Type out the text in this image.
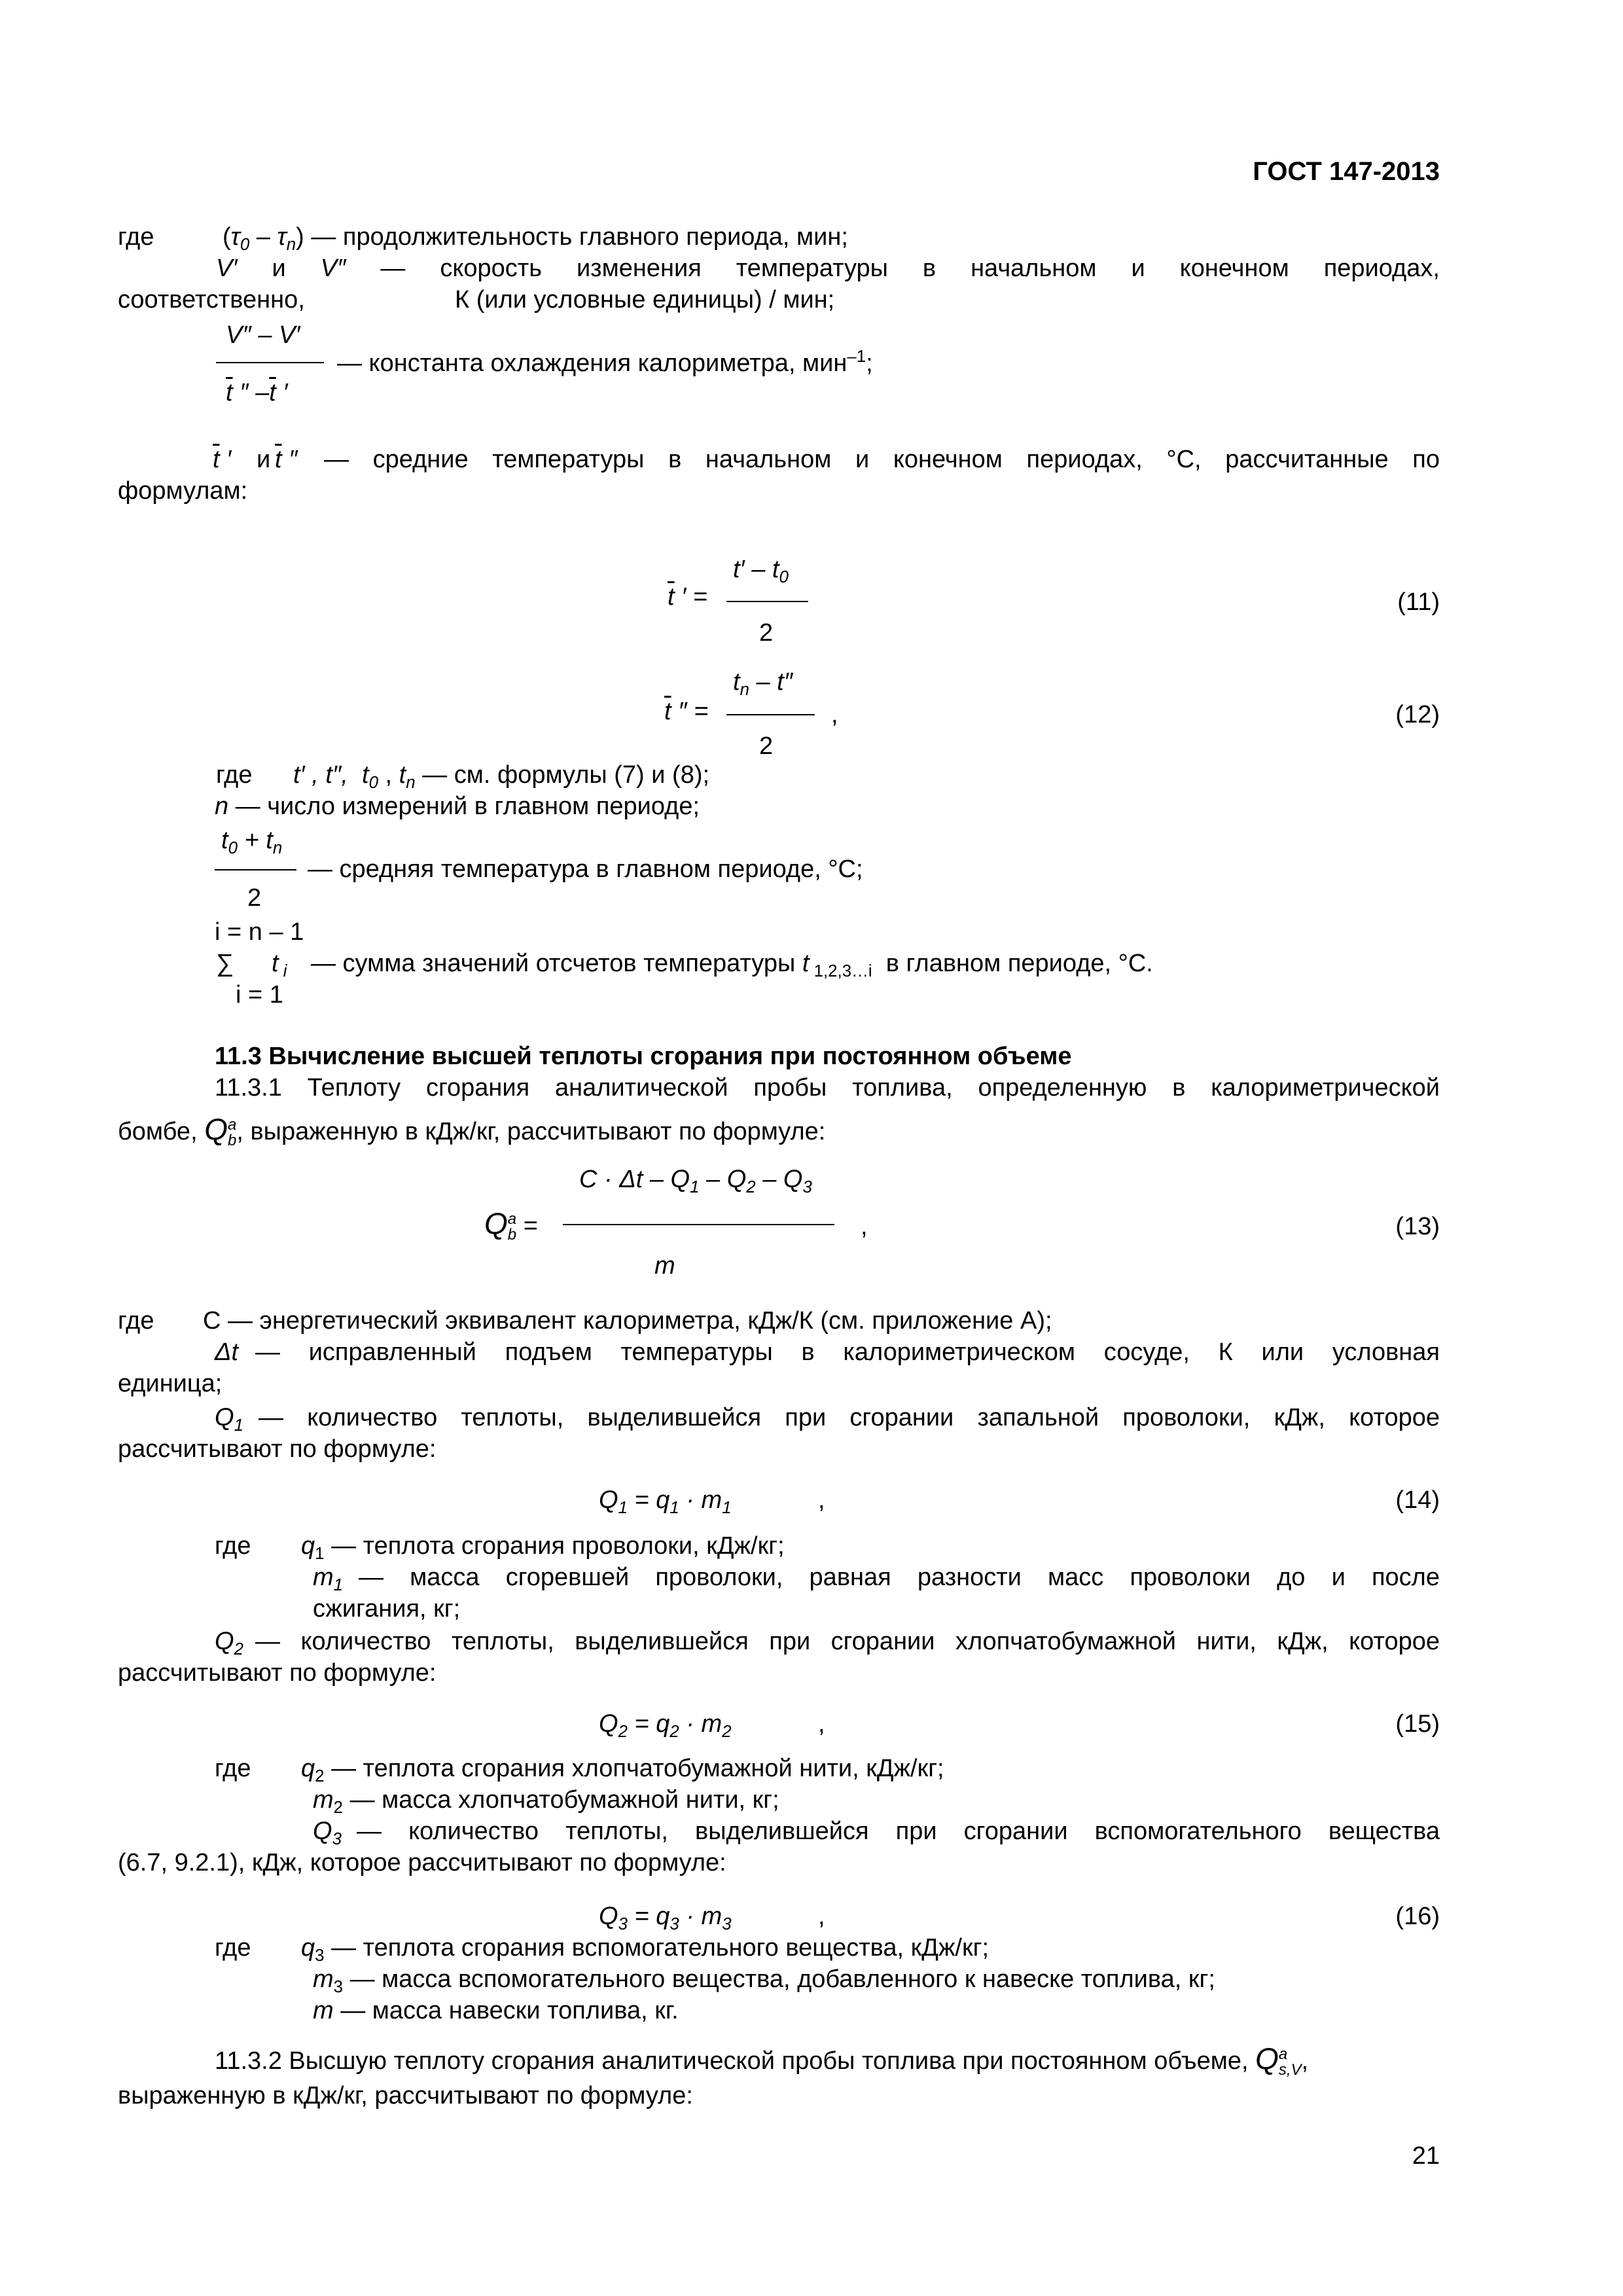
ГОСТ 147-2013
где	$(\tau_0 - \tau_n)$ — продолжительность главного периода, мин;
V′ и V″ — скорость изменения температуры в начальном и конечном периодах,
соответственно,	К (или условные единицы) / мин;
V″ – V′
$\overline{t}$ ″ $-\overline{t}$ ′
— константа охлаждения калориметра, мин$^{-1}$;
$\overline{t}$ ′ и $\overline{t}$ ″ — средние температуры в начальном и конечном периодах, °С, рассчитанные по
формулам:
$\overline{t}$ ′ =
$t' - t_0$
2
(11)
$\overline{t}$ ″ =
$t_n - t''$
2
,	(12)
где t′ , t″,  $t_0$ , $t_n$ — см. формулы (7) и (8);
n — число измерений в главном периоде;
$t_0 + t_n$
2
— средняя температура в главном периоде, °С;
i = n – 1
∑ t $_i$ — сумма значений отсчетов температуры t $_{1,2,3\dots i}$ в главном периоде, °С.
i = 1
11.3 Вычисление высшей теплоты сгорания при постоянном объеме
11.3.1 Теплоту сгорания аналитической пробы топлива, определенную в калориметрической
бомбе, Q a
b , выраженную в кДж/кг, рассчитывают по формуле:
$C \cdot \Delta t - Q_1 - Q_2 - Q_3$
Q a
b =
m
,	(13)
где C — энергетический эквивалент калориметра, кДж/К (см. приложение А);
Δt — исправленный подъем температуры в калориметрическом сосуде, К или условная
единица;
$Q_1$ — количество теплоты, выделившейся при сгорании запальной проволоки, кДж, которое
рассчитывают по формуле:
$Q_1 = q_1 \cdot m_1$	,	(14)
где $q_1$ — теплота сгорания проволоки, кДж/кг;
$m_1$ — масса сгоревшей проволоки, равная разности масс проволоки до и после
сжигания, кг;
$Q_2$ — количество теплоты, выделившейся при сгорании хлопчатобумажной нити, кДж, которое
рассчитывают по формуле:
$Q_2 = q_2 \cdot m_2$	,	(15)
где $q_2$ — теплота сгорания хлопчатобумажной нити, кДж/кг;
$m_2$ — масса хлопчатобумажной нити, кг;
$Q_3$ — количество теплоты, выделившейся при сгорании вспомогательного вещества
(6.7, 9.2.1), кДж, которое рассчитывают по формуле:
$Q_3 = q_3 \cdot m_3$	,	(16)
где $q_3$ — теплота сгорания вспомогательного вещества, кДж/кг;
$m_3$ — масса вспомогательного вещества, добавленного к навеске топлива, кг;
m — масса навески топлива, кг.
11.3.2 Высшую теплоту сгорания аналитической пробы топлива при постоянном объеме, Q a
s,V ,
выраженную в кДж/кг, рассчитывают по формуле:
21
